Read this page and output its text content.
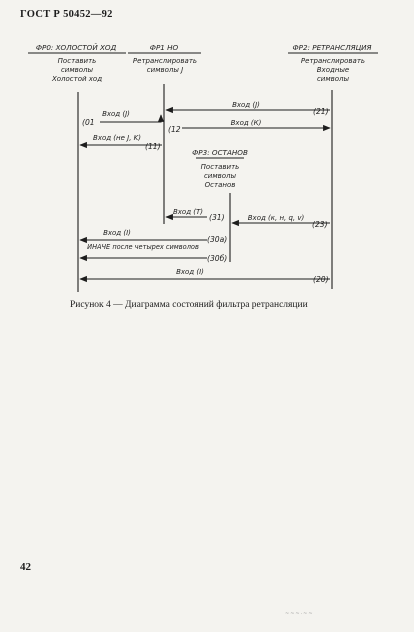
ГОСТ Р 50452—92
ФР0: ХОЛОСТОЙ ХОД	ФР1 НО	ФР2: РЕТРАНСЛЯЦИЯ
ФР3: ОСТАНОВ
Поставить
символы
Холостой ход
Ретранслировать
символы J
Ретранслировать
Входные
символы
Поставить
символы
Останов
Вход (J)
Вход (J)
Вход (К)
Вход (не J, K)
Вход (Т)
Вход (к, н, q, v)
Вход (I)
ИНАЧЕ после четырех символов
Вход (I)
(21)
(01
(12
(11)
(31)
(23)
(30a)
(30б)
(20)
Рисунок 4 — Диаграмма состояний фильтра ретрансляции
42
~~~·~~
